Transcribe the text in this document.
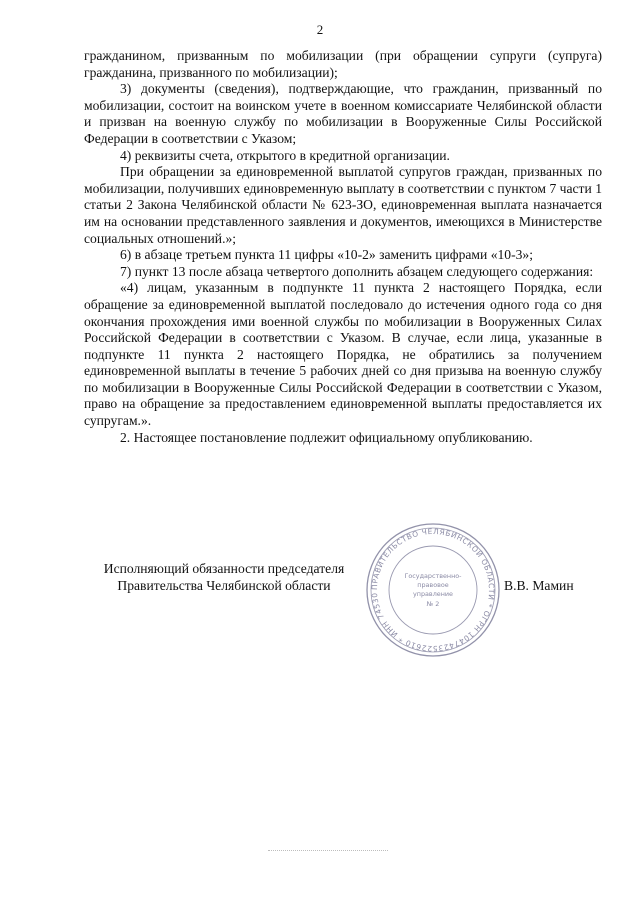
2

гражданином, призванным по мобилизации (при обращении супруги (супруга) гражданина, призванного по мобилизации);

3) документы (сведения), подтверждающие, что гражданин, призванный по мобилизации, состоит на воинском учете в военном комиссариате Челябинской области и призван на военную службу по мобилизации в Вооруженные Силы Российской Федерации в соответствии с Указом;

4) реквизиты счета, открытого в кредитной организации.

При обращении за единовременной выплатой супругов граждан, призванных по мобилизации, получивших единовременную выплату в соответствии с пунктом 7 части 1 статьи 2 Закона Челябинской области № 623-ЗО, единовременная выплата назначается им на основании представленного заявления и документов, имеющихся в Министерстве социальных отношений.»;

6) в абзаце третьем пункта 11 цифры «10-2» заменить цифрами «10-3»;

7) пункт 13 после абзаца четвертого дополнить абзацем следующего содержания:

«4) лицам, указанным в подпункте 11 пункта 2 настоящего Порядка, если обращение за единовременной выплатой последовало до истечения одного года со дня окончания прохождения ими военной службы по мобилизации в Вооруженных Силах Российской Федерации в соответствии с Указом. В случае, если лица, указанные в подпункте 11 пункта 2 настоящего Порядка, не обратились за получением единовременной выплаты в течение 5 рабочих дней со дня призыва на военную службу по мобилизации в Вооруженные Силы Российской Федерации в соответствии с Указом, право на обращение за предоставлением единовременной выплаты предоставляется их супругам.».

2. Настоящее постановление подлежит официальному опубликованию.

Исполняющий обязанности председателя
Правительства Челябинской области	ПРАВИТЕЛЬСТВО ЧЕЛЯБИНСКОЙ ОБЛАСТИ * ОГРН 1047423522610 * ИНН 74530
Государственно-
правовое
управление
№ 2
В.В. Мамин
